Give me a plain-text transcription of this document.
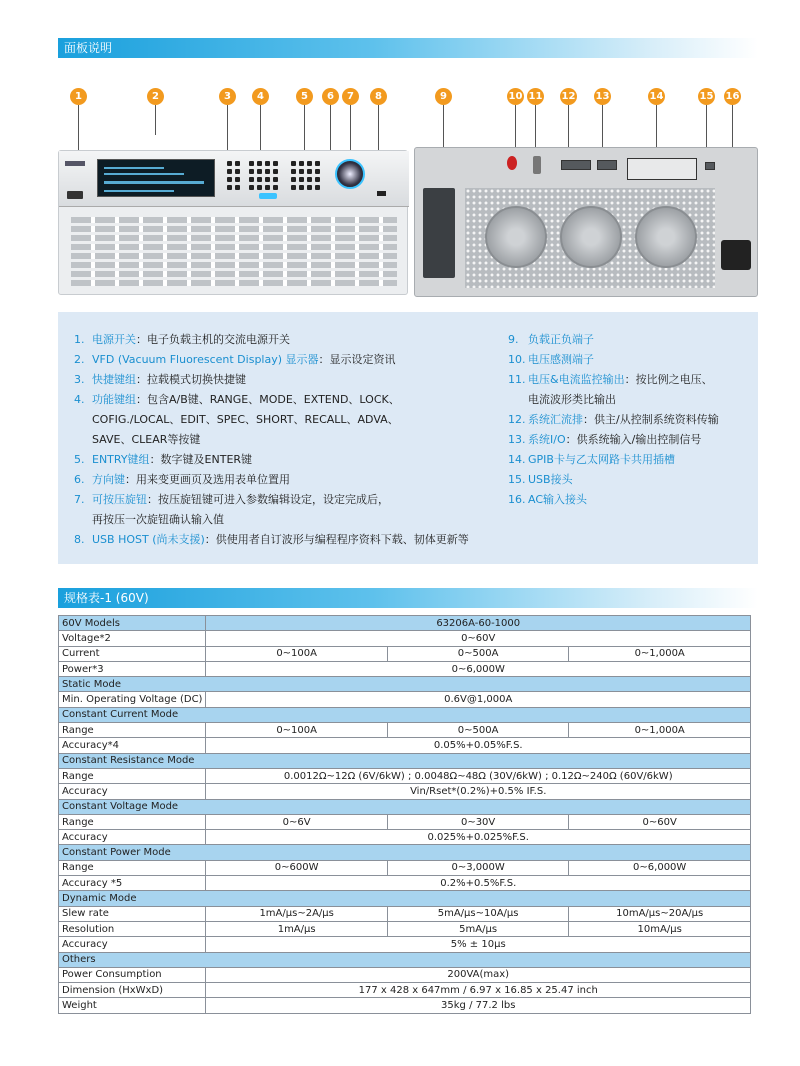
面板说明
1	2	3	4	5	6	7	8	9	10 11 12 13	14	15 16
1. 电源开关 ：电子负载主机的交流电源开关
2. VFD (Vacuum Fluorescent Display) 显示器 ：显示设定资讯
3. 快捷键组 ：拉载模式切换快捷键
4. 功能键组 ：包含A/B键、RANGE、MODE、EXTEND、LOCK、
COFIG./LOCAL、EDIT、SPEC、SHORT、RECALL、ADVA、
SAVE、CLEAR等按键
5. ENTRY键组 ：数字键及ENTER键
6. 方向键 ：用来变更画页及选用表单位置用
7. 可按压旋钮 ：按压旋钮键可进入参数编辑设定，设定完成后，
再按压一次旋钮确认输入值
8. USB HOST (尚未支援) ：供使用者自订波形与编程程序资料下载、韧体更新等
9. 负载正负端子
10. 电压感测端子
11. 电压&电流监控输出 ：按比例之电压、
电流波形类比输出
12. 系统汇流排 ：供主/从控制系统资料传输
13. 系统I/O ：供系统输入/输出控制信号
14. GPIB卡与乙太网路卡共用插槽
15. USB接头
16. AC输入接头
规格表-1 (60V)
60V Models	63206A-60-1000		
Voltage*2	0~60V		
Current	0~100A	0~500A	0~1,000A
Power*3	0~6,000W		
Static Mode			
Min. Operating Voltage (DC)	0.6V@1,000A		
Constant Current Mode			
Range	0~100A	0~500A	0~1,000A
Accuracy*4	0.05%+0.05%F.S.		
Constant Resistance Mode			
Range	0.0012Ω~12Ω (6V/6kW) ; 0.0048Ω~48Ω (30V/6kW) ; 0.12Ω~240Ω (60V/6kW)		
Accuracy	Vin/Rset*(0.2%)+0.5% IF.S.		
Constant Voltage Mode			
Range	0~6V	0~30V	0~60V
Accuracy	0.025%+0.025%F.S.		
Constant Power Mode			
Range	0~600W	0~3,000W	0~6,000W
Accuracy *5	0.2%+0.5%F.S.		
Dynamic Mode			
Slew rate	1mA/μs~2A/μs	5mA/μs~10A/μs	10mA/μs~20A/μs
Resolution	1mA/μs	5mA/μs	10mA/μs
Accuracy	5% ± 10μs		
Others			
Power Consumption	200VA(max)		
Dimension (HxWxD)	177 x 428 x 647mm / 6.97 x 16.85 x 25.47 inch		
Weight	35kg / 77.2 lbs		
